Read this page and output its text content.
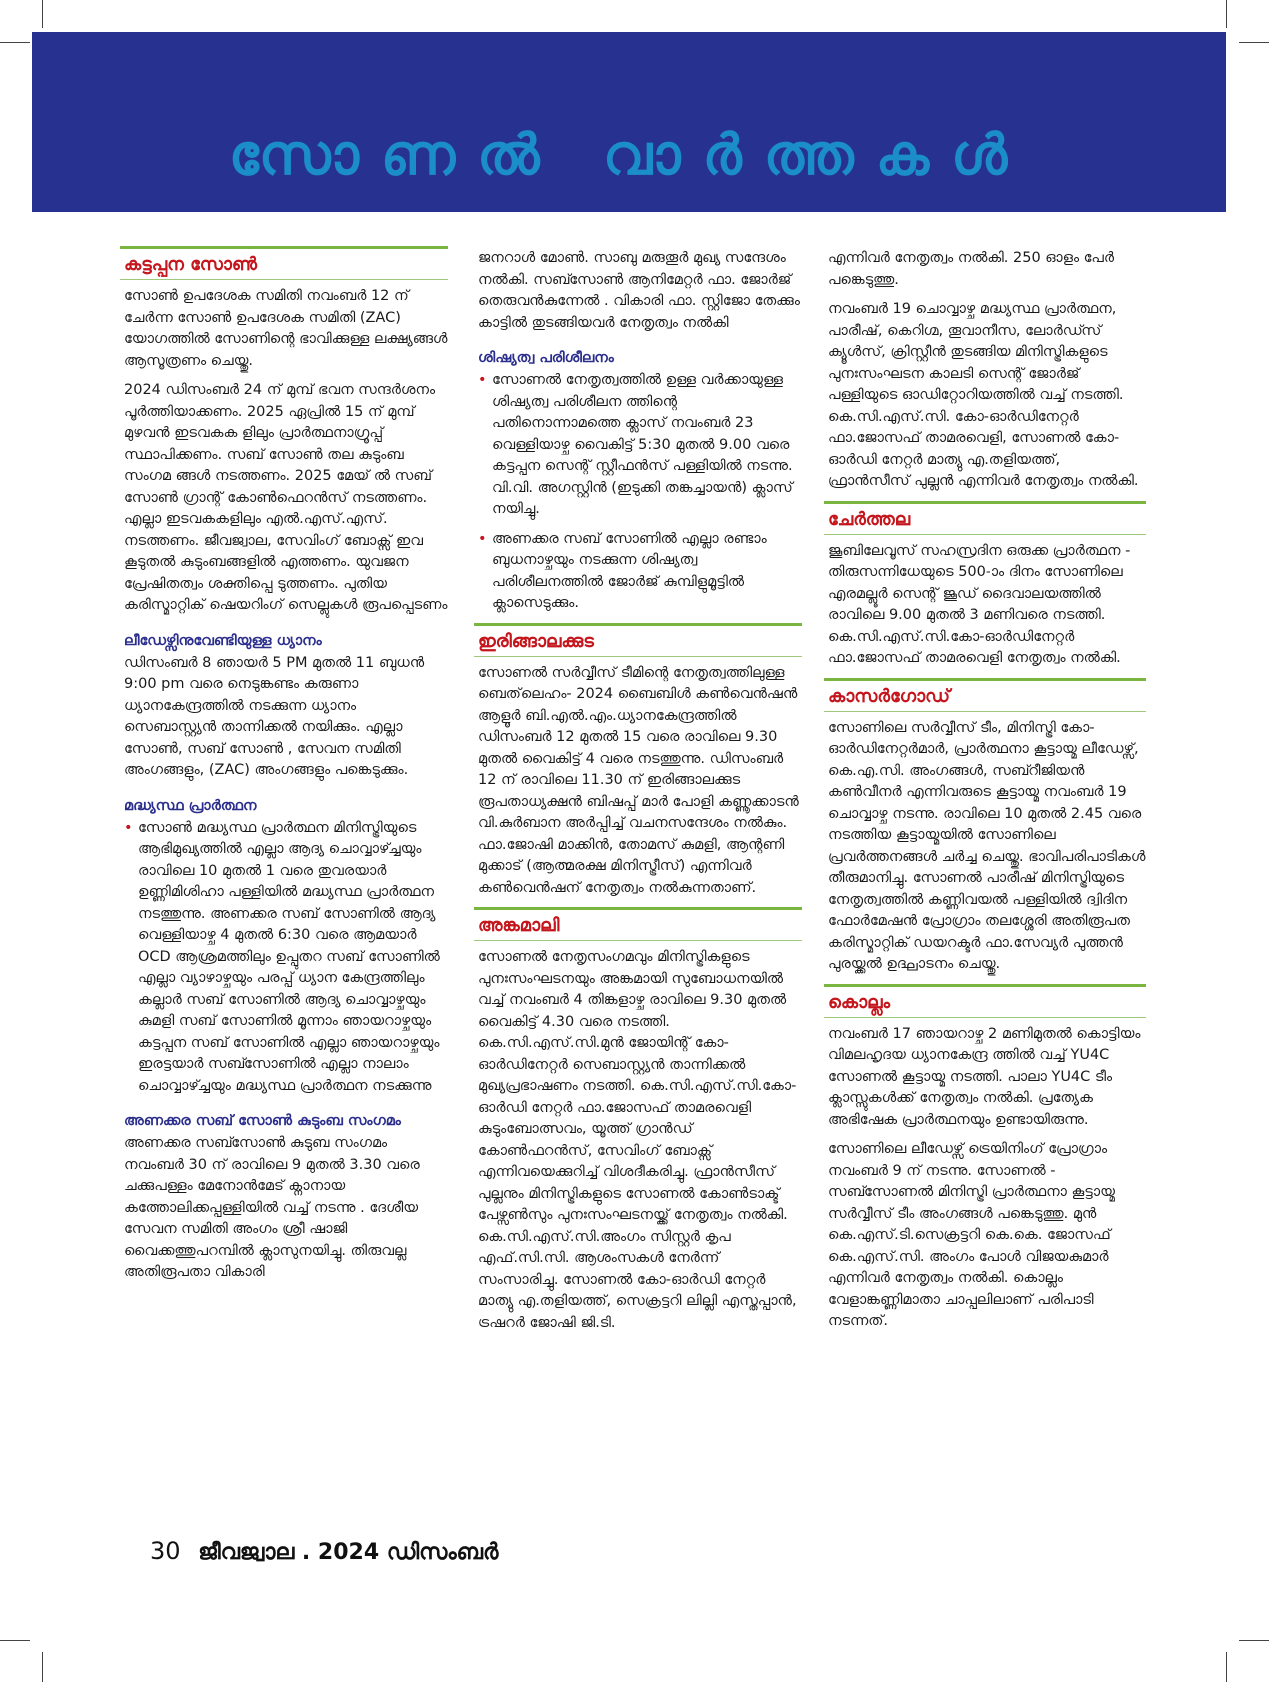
സോണൽ വാർത്തകൾ
കട്ടപ്പന സോൺ
സോൺ ഉപദേശക സമിതി നവംബർ 12 ന് ചേർന്ന സോൺ ഉപദേശക സമിതി (ZAC) യോഗത്തിൽ സോണിന്റെ ഭാവിക്കുള്ള ലക്ഷ്യങ്ങൾ ആസൂത്രണം ചെയ്തു.
2024 ഡിസംബർ 24 ന് മുമ്പ് ഭവന സന്ദർശനം പൂർത്തിയാക്കണം. 2025 ഏപ്രിൽ 15 ന് മുമ്പ് മുഴവൻ ഇടവകക ളിലും പ്രാർത്ഥനാഗ്രൂപ്പ് സ്ഥാപിക്കണം. സബ് സോൺ തല കുടുംബ സംഗമ ങ്ങൾ നടത്തണം. 2025 മേയ് ൽ സബ് സോൺ ഗ്രാന്റ് കോൺഫെറൻസ് നടത്തണം. എല്ലാ ഇടവകകളിലും എൽ.എസ്.എസ്. നടത്തണം. ജീവജ്വാല, സേവിംഗ് ബോക്സ് ഇവ കൂടുതൽ കുടുംബങ്ങളിൽ എത്തണം. യുവജന പ്രേഷിതത്വം ശക്തിപ്പെ ടുത്തണം. പുതിയ കരിസ്മാറ്റിക് ഷെയറിംഗ് സെല്ലുകൾ രൂപപ്പെടണം
ലീഡേഴ്സിനുവേണ്ടിയുള്ള ധ്യാനം
ഡിസംബർ 8 ഞായർ 5 PM മുതൽ 11 ബുധൻ 9:00 pm വരെ നെടുങ്കണ്ടം കരുണാ ധ്യാനകേന്ദ്രത്തിൽ നടക്കുന്ന ധ്യാനം സെബാസ്റ്റ്യൻ താന്നിക്കൽ നയിക്കും. എല്ലാ സോൺ, സബ് സോൺ , സേവന സമിതി അംഗങ്ങളും, (ZAC) അംഗങ്ങളും പങ്കെടുക്കും.
മദ്ധ്യസ്ഥ പ്രാർത്ഥന
• സോൺ മദ്ധ്യസ്ഥ പ്രാർത്ഥന മിനിസ്ട്രിയുടെ ആഭിമുഖ്യത്തിൽ എല്ലാ ആദ്യ ചൊവ്വാഴ്ച്ചയും രാവിലെ 10 മുതൽ 1 വരെ തുവരയാർ ഉണ്ണിമിശിഹാ പള്ളിയിൽ മദ്ധ്യസ്ഥ പ്രാർത്ഥന നടത്തുന്നു. അണക്കര സബ് സോണിൽ ആദ്യ വെള്ളിയാഴ്ച 4 മുതൽ 6:30 വരെ ആമയാർ OCD ആശ്രമത്തിലും ഉപ്പുതറ സബ് സോണിൽ എല്ലാ വ്യാഴാഴ്ചയും പരപ്പ് ധ്യാന കേന്ദ്രത്തിലും കല്ലാർ സബ് സോണിൽ ആദ്യ ചൊവ്വാഴ്ചയും കുമളി സബ് സോണിൽ മൂന്നാം ഞായറാഴ്ചയും കട്ടപ്പന സബ് സോണിൽ എല്ലാ ഞായറാഴ്ചയും ഇരട്ടയാർ സബ്സോണിൽ എല്ലാ നാലാം ചൊവ്വാഴ്ച്ചയും മദ്ധ്യസ്ഥ പ്രാർത്ഥന നടക്കുന്നു
അണക്കര സബ് സോൺ കുടുംബ സംഗമം
അണക്കര സബ്സോൺ കുടുബ സംഗമം നവംബർ 30 ന് രാവിലെ 9 മുതൽ 3.30 വരെ ചക്കുപള്ളം മേനോൻമേട് ക്നാനായ കത്തോലിക്കപ്പള്ളിയിൽ വച്ച് നടന്നു . ദേശീയ സേവന സമിതി അംഗം ശ്രീ ഷാജി വൈക്കത്തുപറമ്പിൽ ക്ലാസുനയിച്ചു. തിരുവല്ല അതിരൂപതാ വികാരി
ജനറാൾ മോൺ. സാബു മരുതൂർ മുഖ്യ സന്ദേശം നൽകി. സബ്സോൺ ആനിമേറ്റർ ഫാ. ജോർജ് തെരുവൻകുന്നേൽ . വികാരി ഫാ. സ്റ്റിജോ തേക്കും കാട്ടിൽ തുടങ്ങിയവർ നേതൃത്വം നൽകി
ശിഷ്യത്വ പരിശീലനം
• സോണൽ നേതൃത്വത്തിൽ ഉള്ള വർക്കായുള്ള ശിഷ്യത്വ പരിശീലന ത്തിന്റെ പതിനൊന്നാമത്തെ ക്ലാസ് നവംബർ 23 വെള്ളിയാഴ്ച വൈകിട്ട് 5:30 മുതൽ 9.00 വരെ കട്ടപ്പന സെന്റ് സ്റ്റീഫൻസ് പള്ളിയിൽ നടന്നു. വി.വി. അഗസ്റ്റിൻ (ഇടുക്കി തങ്കച്ചായൻ) ക്ലാസ് നയിച്ചു.
• അണക്കര സബ് സോണിൽ എല്ലാ രണ്ടാം ബുധനാഴ്ചയും നടക്കുന്ന ശിഷ്യത്വ പരിശീലനത്തിൽ ജോർജ് കുമ്പിളുമൂട്ടിൽ ക്ലാസെടുക്കും.
ഇരിങ്ങാലക്കുട
സോണൽ സർവ്വീസ് ടീമിന്റെ നേതൃത്വത്തിലുള്ള ബെത്‌ലെഹം- 2024 ബൈബിൾ കൺവെൻഷൻ ആളൂർ ബി.എൽ.എം.ധ്യാനകേന്ദ്രത്തിൽ ഡിസംബർ 12 മുതൽ 15 വരെ രാവിലെ 9.30 മുതൽ വൈകിട്ട് 4 വരെ നടത്തുന്നു. ഡിസംബർ 12 ന് രാവിലെ 11.30 ന് ഇരിങ്ങാലക്കുട രൂപതാധ്യക്ഷൻ ബിഷപ്പ് മാർ പോളി കണ്ണൂക്കാടൻ വി.കുർബാന അർപ്പിച്ച് വചനസന്ദേശം നൽകും. ഫാ.ജോഷി മാക്കിൻ, തോമസ് കുമളി, ആന്റണി മുക്കാട് (ആത്മരക്ഷ മിനിസ്ട്രീസ്) എന്നിവർ കൺവെൻഷന് നേതൃത്വം നൽകുന്നതാണ്.
അങ്കമാലി
സോണൽ നേതൃസംഗമവും മിനിസ്ട്രികളുടെ പുനഃസംഘടനയും അങ്കമായി സുബോധനയിൽ വച്ച് നവംബർ 4 തിങ്കളാഴ്ച രാവിലെ 9.30 മുതൽ വൈകിട്ട് 4.30 വരെ നടത്തി. കെ.സി.എസ്.സി.മുൻ ജോയിന്റ് കോ-ഓർഡിനേറ്റർ സെബാസ്റ്റ്യൻ താന്നിക്കൽ മുഖ്യപ്രഭാഷണം നടത്തി. കെ.സി.എസ്.സി.കോ-ഓർഡി നേറ്റർ ഫാ.ജോസഫ് താമരവെളി കുടുംബോത്സവം, യൂത്ത് ഗ്രാൻഡ് കോൺഫറൻസ്, സേവിംഗ് ബോക്സ് എന്നിവയെക്കുറിച്ച് വിശദീകരിച്ചു. ഫ്രാൻസീസ് പുല്ലനും മിനിസ്ട്രികളുടെ സോണൽ കോൺടാക്ട് പേഴ്സൺസും പുനഃസംഘടനയ്ക്ക് നേതൃത്വം നൽകി. കെ.സി.എസ്.സി.അംഗം സിസ്റ്റർ കൃപ എഫ്.സി.സി. ആശംസകൾ നേർന്ന് സംസാരിച്ചു. സോണൽ കോ-ഓർഡി നേറ്റർ മാത്യു എ.തളിയത്ത്, സെക്രട്ടറി ലില്ലി എസ്തപ്പാൻ, ട്രഷറർ ജോഷി ജി.ടി.
എന്നിവർ നേതൃത്വം നൽകി. 250 ഓളം പേർ പങ്കെടുത്തു.
നവംബർ 19 ചൊവ്വാഴ്ച മദ്ധ്യസ്ഥ പ്രാർത്ഥന, പാരീഷ്, കെറിഗ്മ, തൂവാനീസ, ലോർഡ്സ് ക്യൂൾസ്, ക്രിസ്റ്റീൻ തുടങ്ങിയ മിനിസ്ട്രികളുടെ പുനഃസംഘടന കാലടി സെന്റ് ജോർജ് പള്ളിയുടെ ഓഡിറ്റോറിയത്തിൽ വച്ച് നടത്തി. കെ.സി.എസ്.സി. കോ-ഓർഡിനേറ്റർ ഫാ.ജോസഫ് താമരവെളി, സോണൽ കോ-ഓർഡി നേറ്റർ മാത്യു എ.തളിയത്ത്, ഫ്രാൻസീസ് പുല്ലൻ എന്നിവർ നേതൃത്വം നൽകി.
ചേർത്തല
ജൂബിലേവൂസ് സഹസ്രദിന ഒരുക്ക പ്രാർത്ഥന - തിരുസന്നിധേയുടെ 500-ാം ദിനം സോണിലെ എരമല്ലൂർ സെന്റ് ജൂഡ് ദൈവാലയത്തിൽ രാവിലെ 9.00 മുതൽ 3 മണിവരെ നടത്തി. കെ.സി.എസ്.സി.കോ-ഓർഡിനേറ്റർ ഫാ.ജോസഫ് താമരവെളി നേതൃത്വം നൽകി.
കാസർഗോഡ്
സോണിലെ സർവ്വീസ് ടീം, മിനിസ്ട്രി കോ-ഓർഡിനേറ്റർമാർ, പ്രാർത്ഥനാ കൂട്ടായ്മ ലീഡേഴ്സ്, കെ.എ.സി. അംഗങ്ങൾ, സബ്റീജിയൻ കൺവീനർ എന്നിവരുടെ കൂട്ടായ്മ നവംബർ 19 ചൊവ്വാഴ്ച നടന്നു. രാവിലെ 10 മുതൽ 2.45 വരെ നടത്തിയ കൂട്ടായ്മയിൽ സോണിലെ പ്രവർത്തനങ്ങൾ ചർച്ച ചെയ്തു. ഭാവിപരിപാടികൾ തീരുമാനിച്ചു. സോണൽ പാരീഷ് മിനിസ്ട്രിയുടെ നേതൃത്വത്തിൽ കണ്ണിവയൽ പള്ളിയിൽ ദ്വിദിന ഫോർമേഷൻ പ്രോഗ്രാം തലശ്ശേരി അതിരൂപത കരിസ്മാറ്റിക് ഡയറക്ടർ ഫാ.സേവ്യർ പുത്തൻ പുരയ്ക്കൽ ഉദ്ഘാടനം ചെയ്തു.
കൊല്ലം
നവംബർ 17 ഞായറാഴ്ച 2 മണിമുതൽ കൊട്ടിയം വിമലഹൃദയ ധ്യാനകേന്ദ്ര ത്തിൽ വച്ച് YU4C സോണൽ കൂട്ടായ്മ നടത്തി. പാലാ YU4C ടീം ക്ലാസ്സുകൾക്ക് നേതൃത്വം നൽകി. പ്രത്യേക അഭിഷേക പ്രാർത്ഥനയും ഉണ്ടായിരുന്നു.
സോണിലെ ലീഡേഴ്സ് ട്രെയിനിംഗ് പ്രോഗ്രാം നവംബർ 9 ന് നടന്നു. സോണൽ - സബ്സോണൽ മിനിസ്ട്രി പ്രാർത്ഥനാ കൂട്ടായ്മ സർവ്വീസ് ടീം അംഗങ്ങൾ പങ്കെടുത്തു. മുൻ കെ.എസ്.ടി.സെക്രട്ടറി കെ.കെ. ജോസഫ് കെ.എസ്.സി. അംഗം പോൾ വിജയകുമാർ എന്നിവർ നേതൃത്വം നൽകി. കൊല്ലം വേളാങ്കണ്ണിമാതാ ചാപ്പലിലാണ് പരിപാടി നടന്നത്.
30 ജീവജ്വാല . 2024 ഡിസംബർ
